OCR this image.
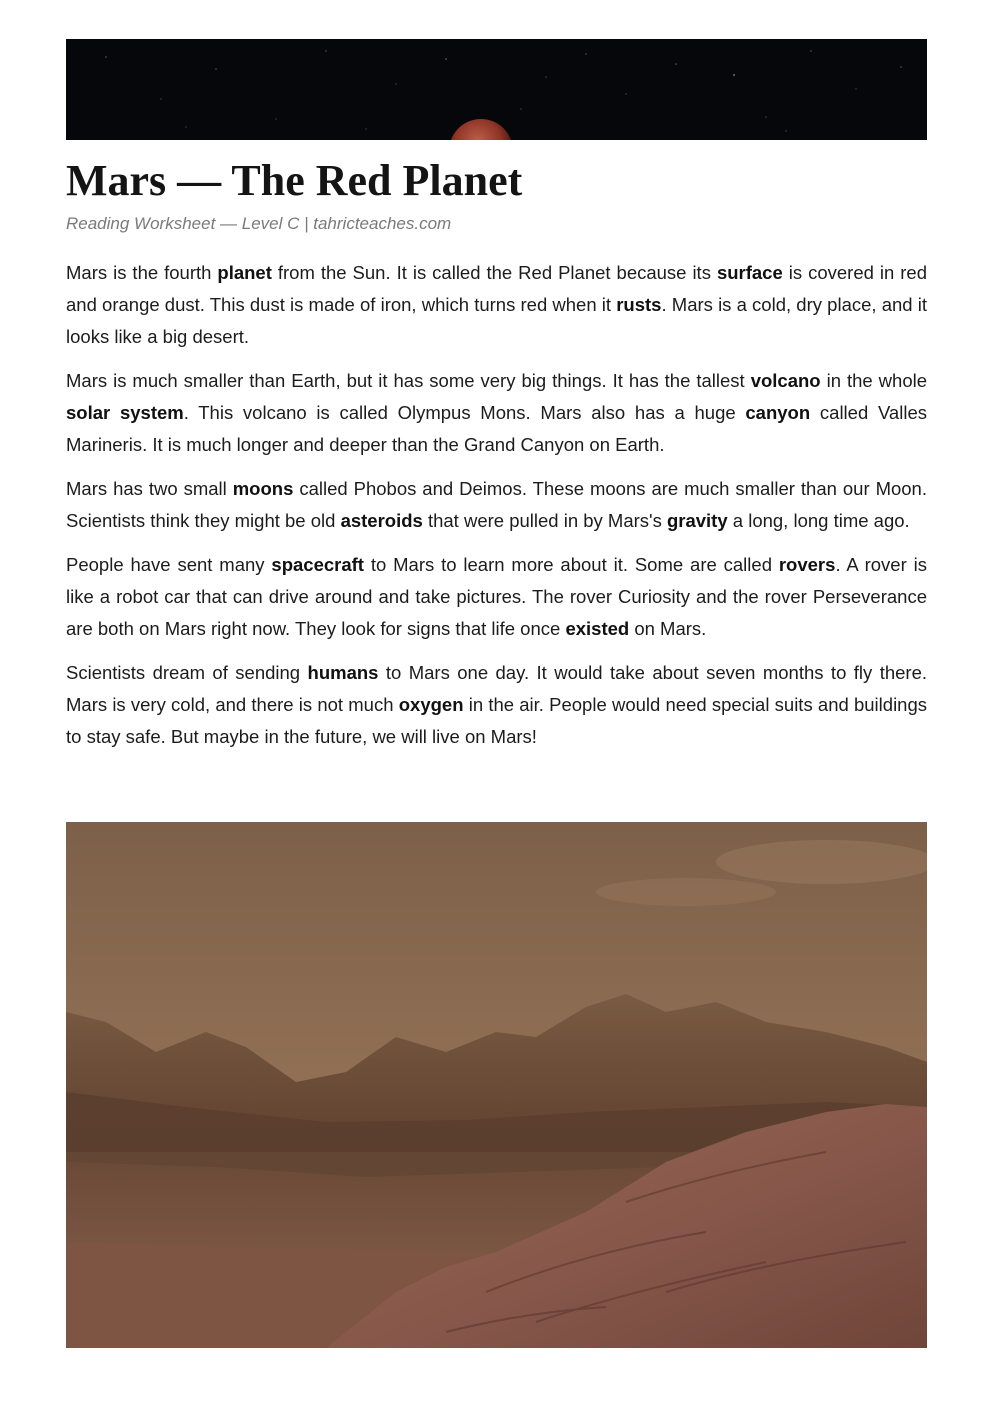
Mars — The Red Planet
Reading Worksheet — Level C | tahricteaches.com

Mars is the fourth planet from the Sun. It is called the Red Planet because its surface is covered in red and orange dust. This dust is made of iron, which turns red when it rusts. Mars is a cold, dry place, and it looks like a big desert.

Mars is much smaller than Earth, but it has some very big things. It has the tallest volcano in the whole solar system. This volcano is called Olympus Mons. Mars also has a huge canyon called Valles Marineris. It is much longer and deeper than the Grand Canyon on Earth.

Mars has two small moons called Phobos and Deimos. These moons are much smaller than our Moon. Scientists think they might be old asteroids that were pulled in by Mars's gravity a long, long time ago.

People have sent many spacecraft to Mars to learn more about it. Some are called rovers. A rover is like a robot car that can drive around and take pictures. The rover Curiosity and the rover Perseverance are both on Mars right now. They look for signs that life once existed on Mars.

Scientists dream of sending humans to Mars one day. It would take about seven months to fly there. Mars is very cold, and there is not much oxygen in the air. People would need special suits and buildings to stay safe. But maybe in the future, we will live on Mars!
